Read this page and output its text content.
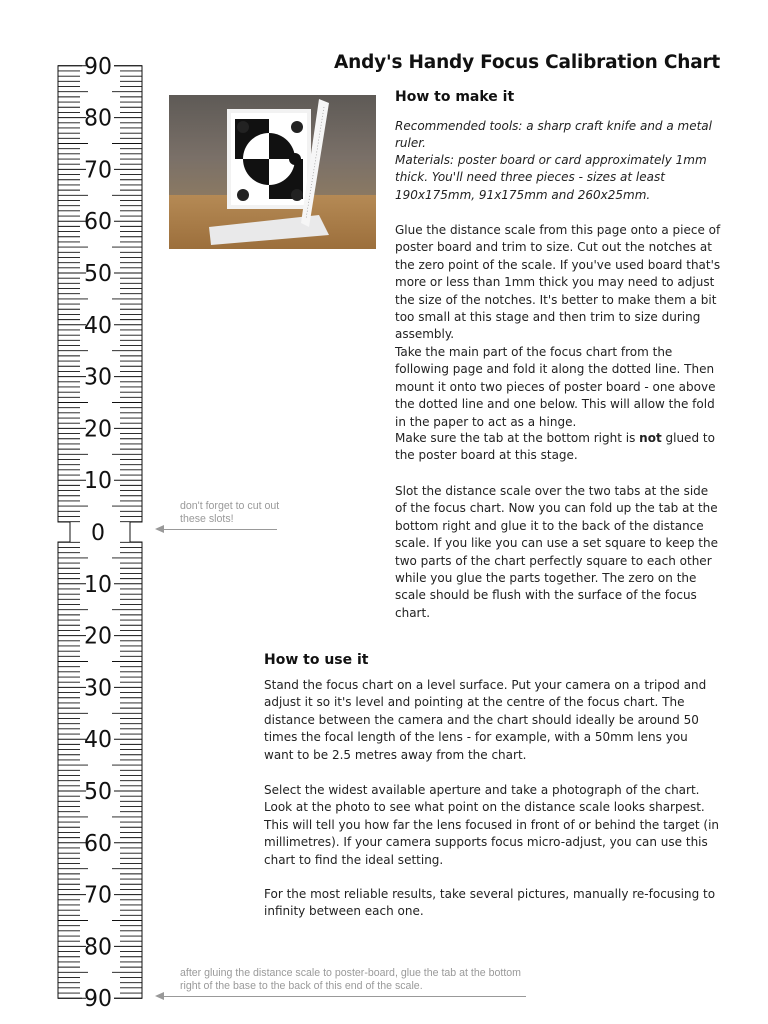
90
80
70
60
50
40
30
20
10
10
20
30
40
50
60
70
80
90
0
Andy's Handy Focus Calibration Chart
How to make it

Recommended tools: a sharp craft knife and a metal ruler.

Materials: poster board or card approximately 1mm thick. You'll need three pieces - sizes at least 190x175mm, 91x175mm and 260x25mm.

Glue the distance scale from this page onto a piece of poster board and trim to size. Cut out the notches at the zero point of the scale. If you've used board that's more or less than 1mm thick you may need to adjust the size of the notches. It's better to make them a bit too small at this stage and then trim to size during assembly.

Take the main part of the focus chart from the following page and fold it along the dotted line. Then mount it onto two pieces of poster board - one above the dotted line and one below. This will allow the fold in the paper to act as a hinge.

Make sure the tab at the bottom right is not glued to the poster board at this stage.

Slot the distance scale over the two tabs at the side of the focus chart. Now you can fold up the tab at the bottom right and glue it to the back of the distance scale. If you like you can use a set square to keep the two parts of the chart perfectly square to each other while you glue the parts together. The zero on the scale should be flush with the surface of the focus chart.

How to use it

Stand the focus chart on a level surface. Put your camera on a tripod and adjust it so it's level and pointing at the centre of the focus chart. The distance between the camera and the chart should ideally be around 50 times the focal length of the lens - for example, with a 50mm lens you want to be 2.5 metres away from the chart.

Select the widest available aperture and take a photograph of the chart. Look at the photo to see what point on the distance scale looks sharpest. This will tell you how far the lens focused in front of or behind the target (in millimetres). If your camera supports focus micro-adjust, you can use this chart to find the ideal setting.

For the most reliable results, take several pictures, manually re-focusing to infinity between each one.

don't forget to cut out these slots!
after gluing the distance scale to poster-board, glue the tab at the bottom right of the base to the back of this end of the scale.
